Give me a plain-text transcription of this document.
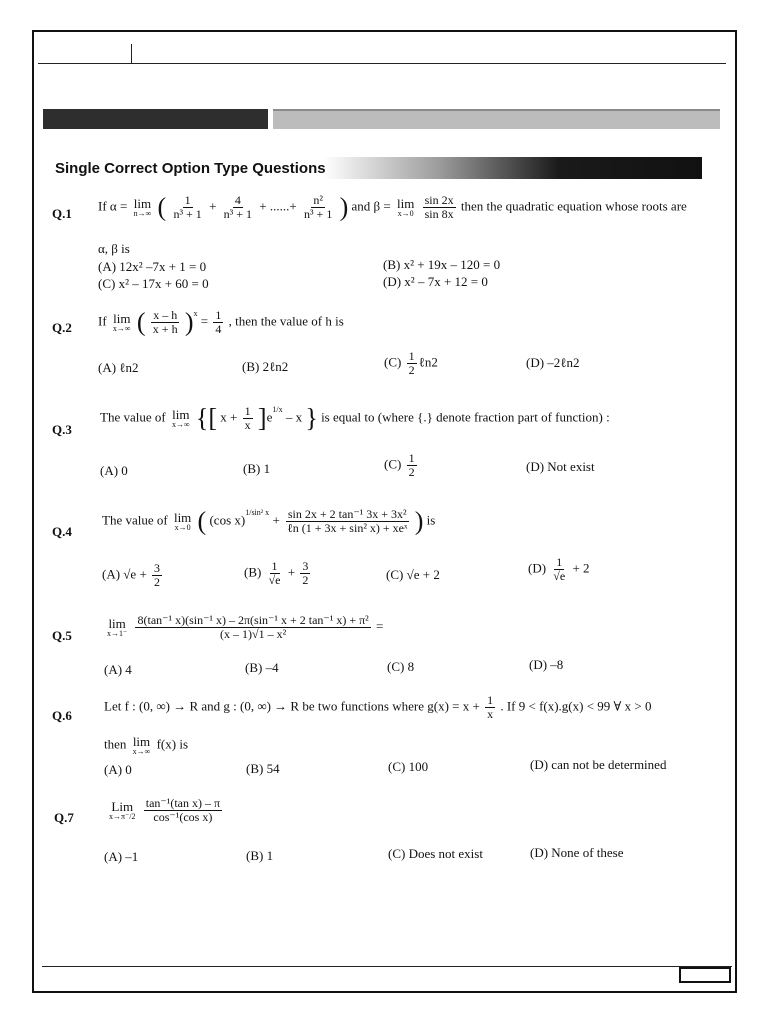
Single Correct Option Type Questions
Q.1 If α = lim
n→∞ ( $\frac{1}{\text{n³ + 1}} + \frac{4}{\text{n³ + 1}}$ + ......+ $\frac{\text{n²}}{\text{n³ + 1}}$ ) and β = lim
x→0
$\frac{\sin 2x}{\sin 8x}$ then the quadratic equation whose roots are
α, β is
(A) 12x² –7x + 1 = 0	(B) x² + 19x – 120 = 0
(C) x² – 17x + 60 = 0	(D) x² – 7x + 12 = 0
Q.2 If lim
x→∞ ( $\frac{x - h}{x + h} )^x = \frac{1}{4}$ , then the value of h is
(A) ℓn2	(B) 2ℓn2	$(C) \frac{1}{2}$ ℓn2	(D) –2ℓn2
Q.3
The value of lim
x→∞ {[ $x + \frac{1}{x} ]e^{1/x} - x$ } is equal to (where {.} denote fraction part of function) :
(A) 0	(B) 1	$(C) \frac{1}{2}$	(D) Not exist
Q.4
The value of lim
x→0 ( (cos $x)^{1/sin^2 x} + \frac{\text{sin 2x + 2 tan⁻¹ 3x + 3x²}}{\text{ℓn (1 + 3x + sin² x) + xeˣ}}$ ) is
(A) $√e + \frac{3}{2}$	$(B) \frac{1}{√e} + \frac{3}{2}$	(C) √e + 2	$(D) \frac{1}{√e} + 2$
Q.5
lim
x→1⁻
$\frac{\text{8(tan⁻¹ x)(sin⁻¹ x) – 2π(sin⁻¹ x + 2 tan⁻¹ x) + π²}}{\text{(x – 1)√1 – x²}}$ =
(A) 4	(B) –4	(C) 8	(D) –8
Q.6
Let f : (0, ∞) → R and g : (0, ∞) → R be two functions where $g(x) = x + \frac{1}{x}$ . If 9 < f(x).g(x) < 99 ∀ x > 0
then lim
x→∞
f(x) is
(A) 0	(B) 54	(C) 100	(D) can not be determined
Q.7
Lim
x→π⁻/2
$\frac{\text{tan⁻¹(tan x) – π}}{\text{cos⁻¹(cos x)}}$
(A) –1	(B) 1	(C) Does not exist	(D) None of these
